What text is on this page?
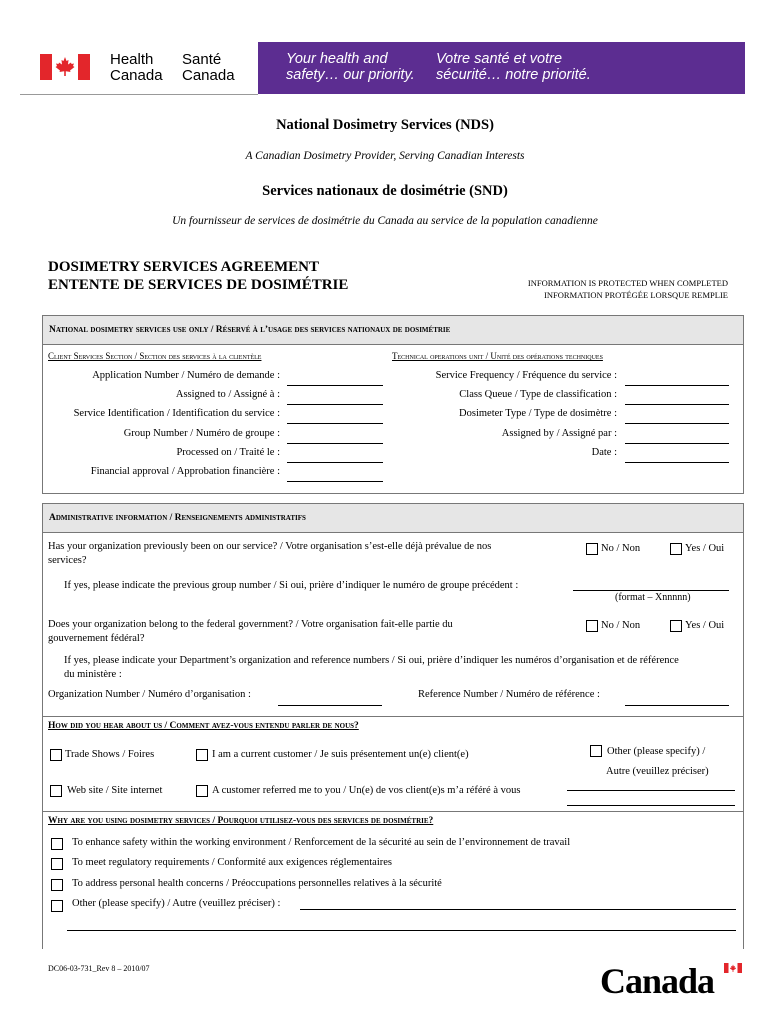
Health
Canada
Santé
Canada
Your health and
safety… our priority.
Votre santé et votre
sécurité… notre priorité.
National Dosimetry Services (NDS)
A Canadian Dosimetry Provider, Serving Canadian Interests
Services nationaux de dosimétrie (SND)
Un fournisseur de services de dosimétrie du Canada au service de la population canadienne
DOSIMETRY SERVICES AGREEMENT
ENTENTE DE SERVICES DE DOSIMÉTRIE	INFORMATION IS PROTECTED WHEN COMPLETED
INFORMATION PROTÉGÉE LORSQUE REMPLIE
National dosimetry services use only / Réservé à l’usage des services nationaux de dosimétrie
Client Services Section / Section des services à la clientèle	Technical operations unit / Unité des opérations techniques
Application Number / Numéro de demande :
Assigned to / Assigné à :
Service Identification / Identification du service :
Group Number / Numéro de groupe :
Processed on / Traité le :
Financial approval / Approbation financière :
Service Frequency / Fréquence du service :
Class Queue / Type de classification :
Dosimeter Type / Type de dosimètre :
Assigned by / Assigné par :
Date :
Administrative information / Renseignements administratifs
Has your organization previously been on our service? / Votre organisation s’est-elle déjà prévalue de nos
services?
No / Non	Yes / Oui
If yes, please indicate the previous group number / Si oui, prière d’indiquer le numéro de groupe précédent :
(format – Xnnnnn)
Does your organization belong to the federal government? / Votre organisation fait-elle partie du
gouvernement fédéral?
No / Non	Yes / Oui
If yes, please indicate your Department’s organization and reference numbers / Si oui, prière d’indiquer les numéros d’organisation et de référence
du ministère :
Organization Number / Numéro d’organisation :	Reference Number / Numéro de référence :
How did you hear about us / Comment avez-vous entendu parler de nous?
Trade Shows / Foires	I am a current customer / Je suis présentement un(e) client(e)	Other (please specify) /
Autre (veuillez préciser)
Web site / Site internet	A customer referred me to you / Un(e) de vos client(e)s m’a référé à vous
Why are you using dosimetry services / Pourquoi utilisez-vous des services de dosimétrie?
To enhance safety within the working environment / Renforcement de la sécurité au sein de l’environnement de travail
To meet regulatory requirements / Conformité aux exigences réglementaires
To address personal health concerns / Préoccupations personnelles relatives à la sécurité
Other (please specify) / Autre (veuillez préciser) :
DC06-03-731_Rev 8 – 2010/07	Canada
